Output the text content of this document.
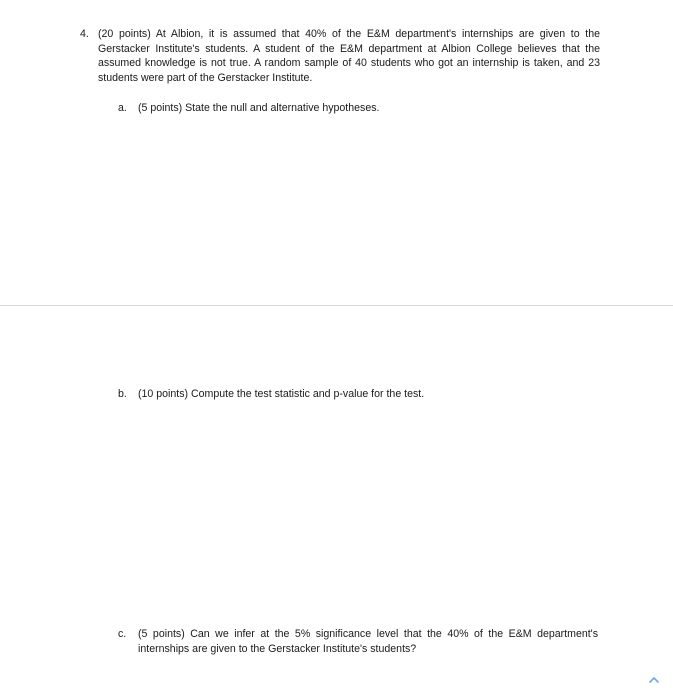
4. (20 points) At Albion, it is assumed that 40% of the E&M department's internships are given to the Gerstacker Institute's students. A student of the E&M department at Albion College believes that the assumed knowledge is not true. A random sample of 40 students who got an internship is taken, and 23 students were part of the Gerstacker Institute.
a. (5 points) State the null and alternative hypotheses.
b. (10 points) Compute the test statistic and p-value for the test.
c. (5 points) Can we infer at the 5% significance level that the 40% of the E&M department's internships are given to the Gerstacker Institute's students?
